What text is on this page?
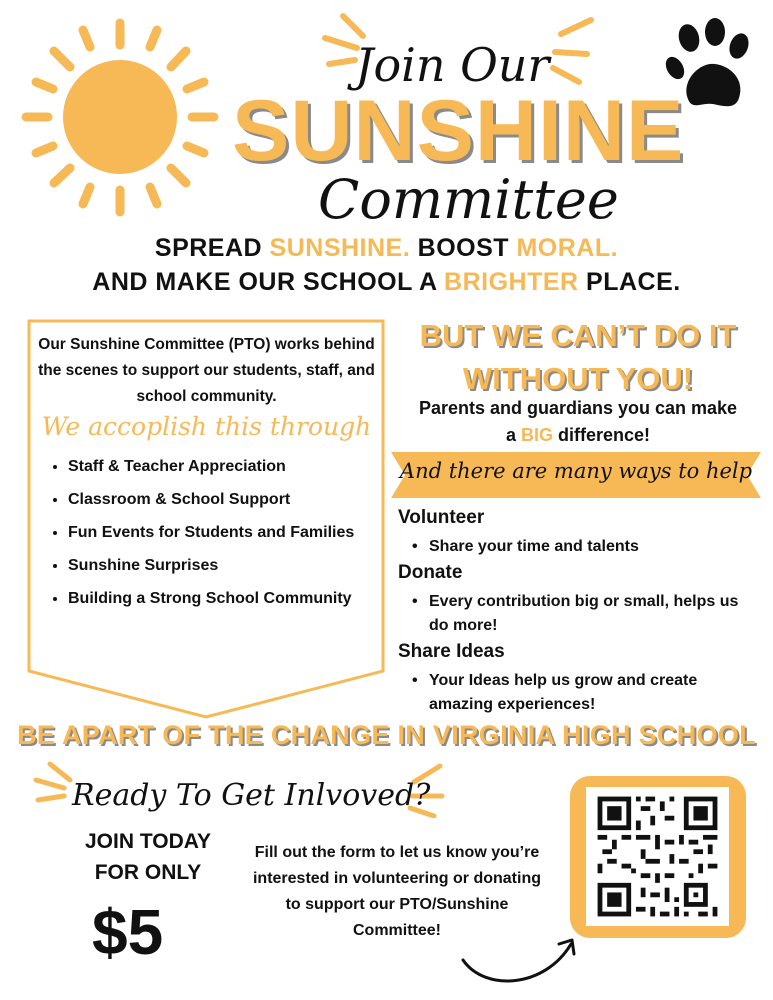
Join Our
SUNSHINE
Committee
SPREAD SUNSHINE. BOOST MORAL.
AND MAKE OUR SCHOOL A BRIGHTER PLACE.
Our Sunshine Committee (PTO) works behind the scenes to support our students, staff, and school community.
We accoplish this through
• Staff & Teacher Appreciation
• Classroom & School Support
• Fun Events for Students and Families
• Sunshine Surprises
• Building a Strong School Community
BUT WE CAN’T DO IT
WITHOUT YOU!
Parents and guardians you can make
a BIG difference!
And there are many ways to help
Volunteer
• Share your time and talents
Donate
• Every contribution big or small, helps us do more!
Share Ideas
• Your Ideas help us grow and create amazing experiences!
BE APART OF THE CHANGE IN VIRGINIA HIGH SCHOOL
Ready To Get Inlvoved?
JOIN TODAY
FOR ONLY
$5
Fill out the form to let us know you’re interested in volunteering or donating to support our PTO/Sunshine Committee!
